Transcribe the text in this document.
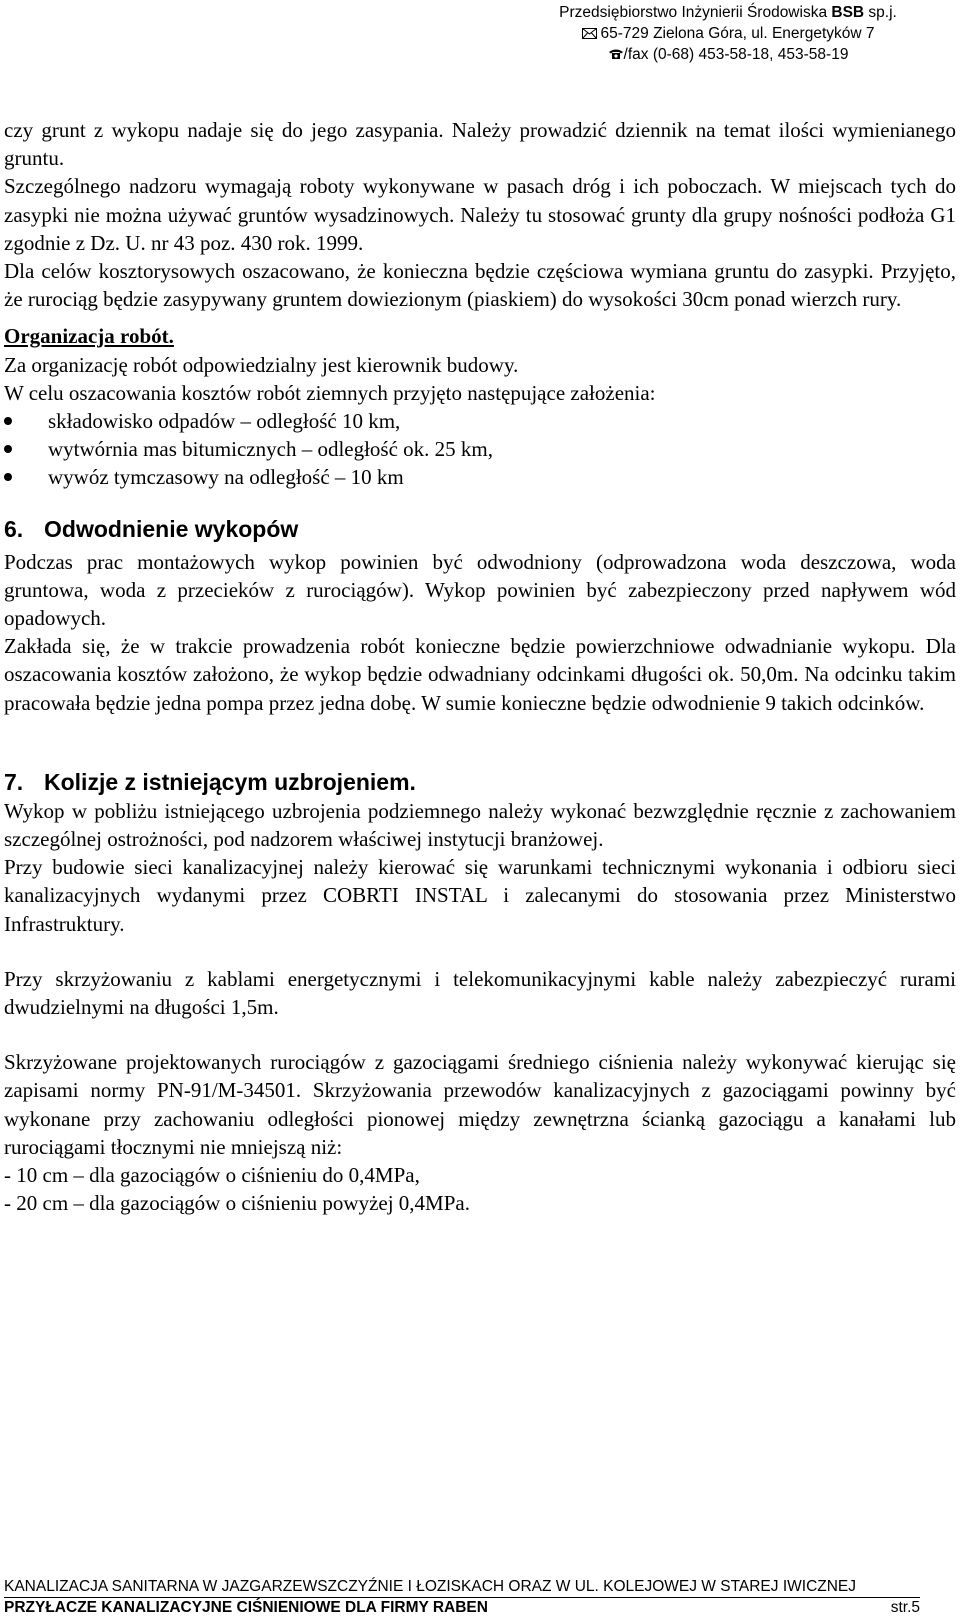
Przedsiębiorstwo Inżynierii Środowiska BSB sp.j.
65-729 Zielona Góra, ul. Energetyków 7
/fax (0-68) 453-58-18, 453-58-19

czy grunt z wykopu nadaje się do jego zasypania. Należy prowadzić dziennik na temat ilości wymienianego gruntu.

Szczególnego nadzoru wymagają roboty wykonywane w pasach dróg i ich poboczach. W miejscach tych do zasypki nie można używać gruntów wysadzinowych. Należy tu stosować grunty dla grupy nośności podłoża G1 zgodnie z Dz. U. nr 43 poz. 430 rok. 1999.

Dla celów kosztorysowych oszacowano, że konieczna będzie częściowa wymiana gruntu do zasypki. Przyjęto, że rurociąg będzie zasypywany gruntem dowiezionym (piaskiem) do wysokości 30cm ponad wierzch rury.

Organizacja robót.

Za organizację robót odpowiedzialny jest kierownik budowy.

W celu oszacowania kosztów robót ziemnych przyjęto następujące założenia:

składowisko odpadów – odległość 10 km,
wytwórnia mas bitumicznych – odległość ok. 25 km,
wywóz tymczasowy na odległość – 10 km

6. Odwodnienie wykopów

Podczas prac montażowych wykop powinien być odwodniony (odprowadzona woda deszczowa, woda gruntowa, woda z przecieków z rurociągów). Wykop powinien być zabezpieczony przed napływem wód opadowych.

Zakłada się, że w trakcie prowadzenia robót konieczne będzie powierzchniowe odwadnianie wykopu. Dla oszacowania kosztów założono, że wykop będzie odwadniany odcinkami długości ok. 50,0m. Na odcinku takim pracowała będzie jedna pompa przez jedna dobę. W sumie konieczne będzie odwodnienie 9 takich odcinków.

7. Kolizje z istniejącym uzbrojeniem.

Wykop w pobliżu istniejącego uzbrojenia podziemnego należy wykonać bezwzględnie ręcznie z zachowaniem szczególnej ostrożności, pod nadzorem właściwej instytucji branżowej.

Przy budowie sieci kanalizacyjnej należy kierować się warunkami technicznymi wykonania i odbioru sieci kanalizacyjnych wydanymi przez COBRTI INSTAL i zalecanymi do stosowania przez Ministerstwo Infrastruktury.

Przy skrzyżowaniu z kablami energetycznymi i telekomunikacyjnymi kable należy zabezpieczyć rurami dwudzielnymi na długości 1,5m.

Skrzyżowane projektowanych rurociągów z gazociągami średniego ciśnienia należy wykonywać kierując się zapisami normy PN-91/M-34501. Skrzyżowania przewodów kanalizacyjnych z gazociągami powinny być wykonane przy zachowaniu odległości pionowej między zewnętrzna ścianką gazociągu a kanałami lub rurociągami tłocznymi nie mniejszą niż:

- 10 cm – dla gazociągów o ciśnieniu do 0,4MPa,

- 20 cm – dla gazociągów o ciśnieniu powyżej 0,4MPa.

KANALIZACJA SANITARNA W JAZGARZEWSZCZYŹNIE I ŁOZISKACH ORAZ W UL. KOLEJOWEJ W STAREJ IWICZNEJ
PRZYŁACZE KANALIZACYJNE CIŚNIENIOWE DLA FIRMY RABEN	str.5
